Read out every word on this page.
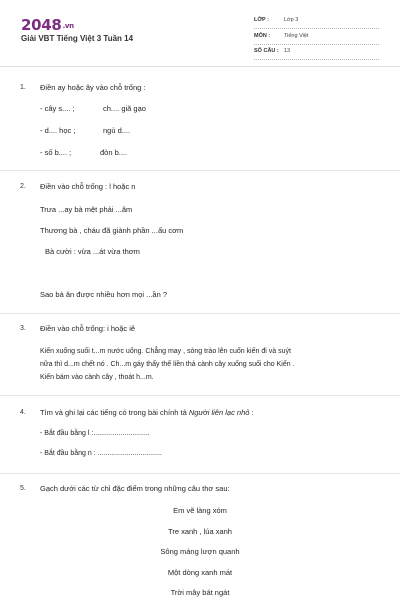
2048.vn
Giải VBT Tiếng Việt 3 Tuần 14
LỚP :	Lớp 3
MÔN :	Tiếng Việt
SỐ CÂU : 13
1. Điền ay hoặc ây vào chỗ trống :
- cây s.... ;	ch.... giã gạo
- d.... học ;	ngủ d....
- số b.... ;	đòn b....
2. Điền vào chỗ trống : l hoặc n
Trưa ...ay bà mệt phải ...âm
Thương bà , cháu đã giành phần ...ấu cơm
Bà cười : vừa ...át vừa thơm
Sao bà ăn được nhiều hơn mọi ...ần ?
3. Điền vào chỗ trống: i hoặc iê
Kiến xuống suối t...m nước uống. Chẳng may , sóng trào lên cuốn kiến đi và suýt
nữa thì d...m chết nó . Ch...m gáy thấy thế liền thả cành cây xuống suối cho Kiến .
Kiến bám vào cành cây , thoát h...m.
4. Tìm và ghi lại các tiếng có trong bài chính tả Người liên lạc nhỏ :
- Bắt đầu bằng l :.............................
- Bắt đầu bằng n : .................................
5. Gạch dưới các từ chỉ đặc điểm trong những câu thơ sau:
Em vẽ làng xóm
Tre xanh , lúa xanh
Sông máng lượn quanh
Một dòng xanh mát
Trời mây bát ngát
